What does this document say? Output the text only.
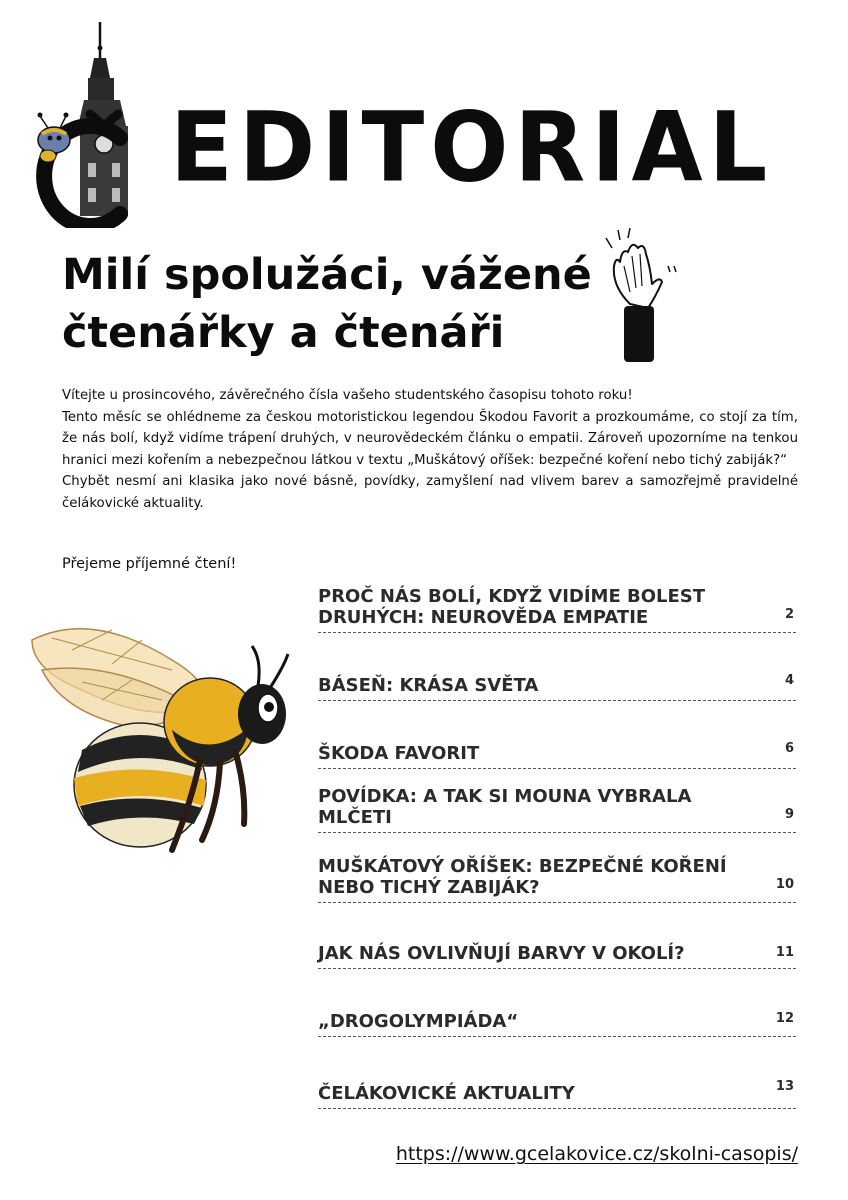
EDITORIAL
Milí spolužáci, vážené
čtenářky a čtenáři

Vítejte u prosincového, závěrečného čísla vašeho studentského časopisu tohoto roku!

Tento měsíc se ohlédneme za českou motoristickou legendou Škodou Favorit a prozkoumáme, co stojí za tím, že nás bolí, když vidíme trápení druhých, v neurovědeckém článku o empatii. Zároveň upozorníme na tenkou hranici mezi kořením a nebezpečnou látkou v textu „Muškátový oříšek: bezpečné koření nebo tichý zabiják?“

Chybět nesmí ani klasika jako nové básně, povídky, zamyšlení nad vlivem barev a samozřejmě pravidelné čelákovické aktuality.

Přejeme příjemné čtení!
PROČ NÁS BOLÍ, KDYŽ VIDÍME BOLEST DRUHÝCH: NEUROVĚDA EMPATIE	2
BÁSEŇ: KRÁSA SVĚTA	4
ŠKODA FAVORIT	6
POVÍDKA: A TAK SI MOUNA VYBRALA MLČETI	9
MUŠKÁTOVÝ OŘÍŠEK: BEZPEČNÉ KOŘENÍ NEBO TICHÝ ZABIJÁK?	10
JAK NÁS OVLIVŇUJÍ BARVY V OKOLÍ?	11
„DROGOLYMPIÁDA“	12
ČELÁKOVICKÉ AKTUALITY	13
https://www.gcelakovice.cz/skolni-casopis/
